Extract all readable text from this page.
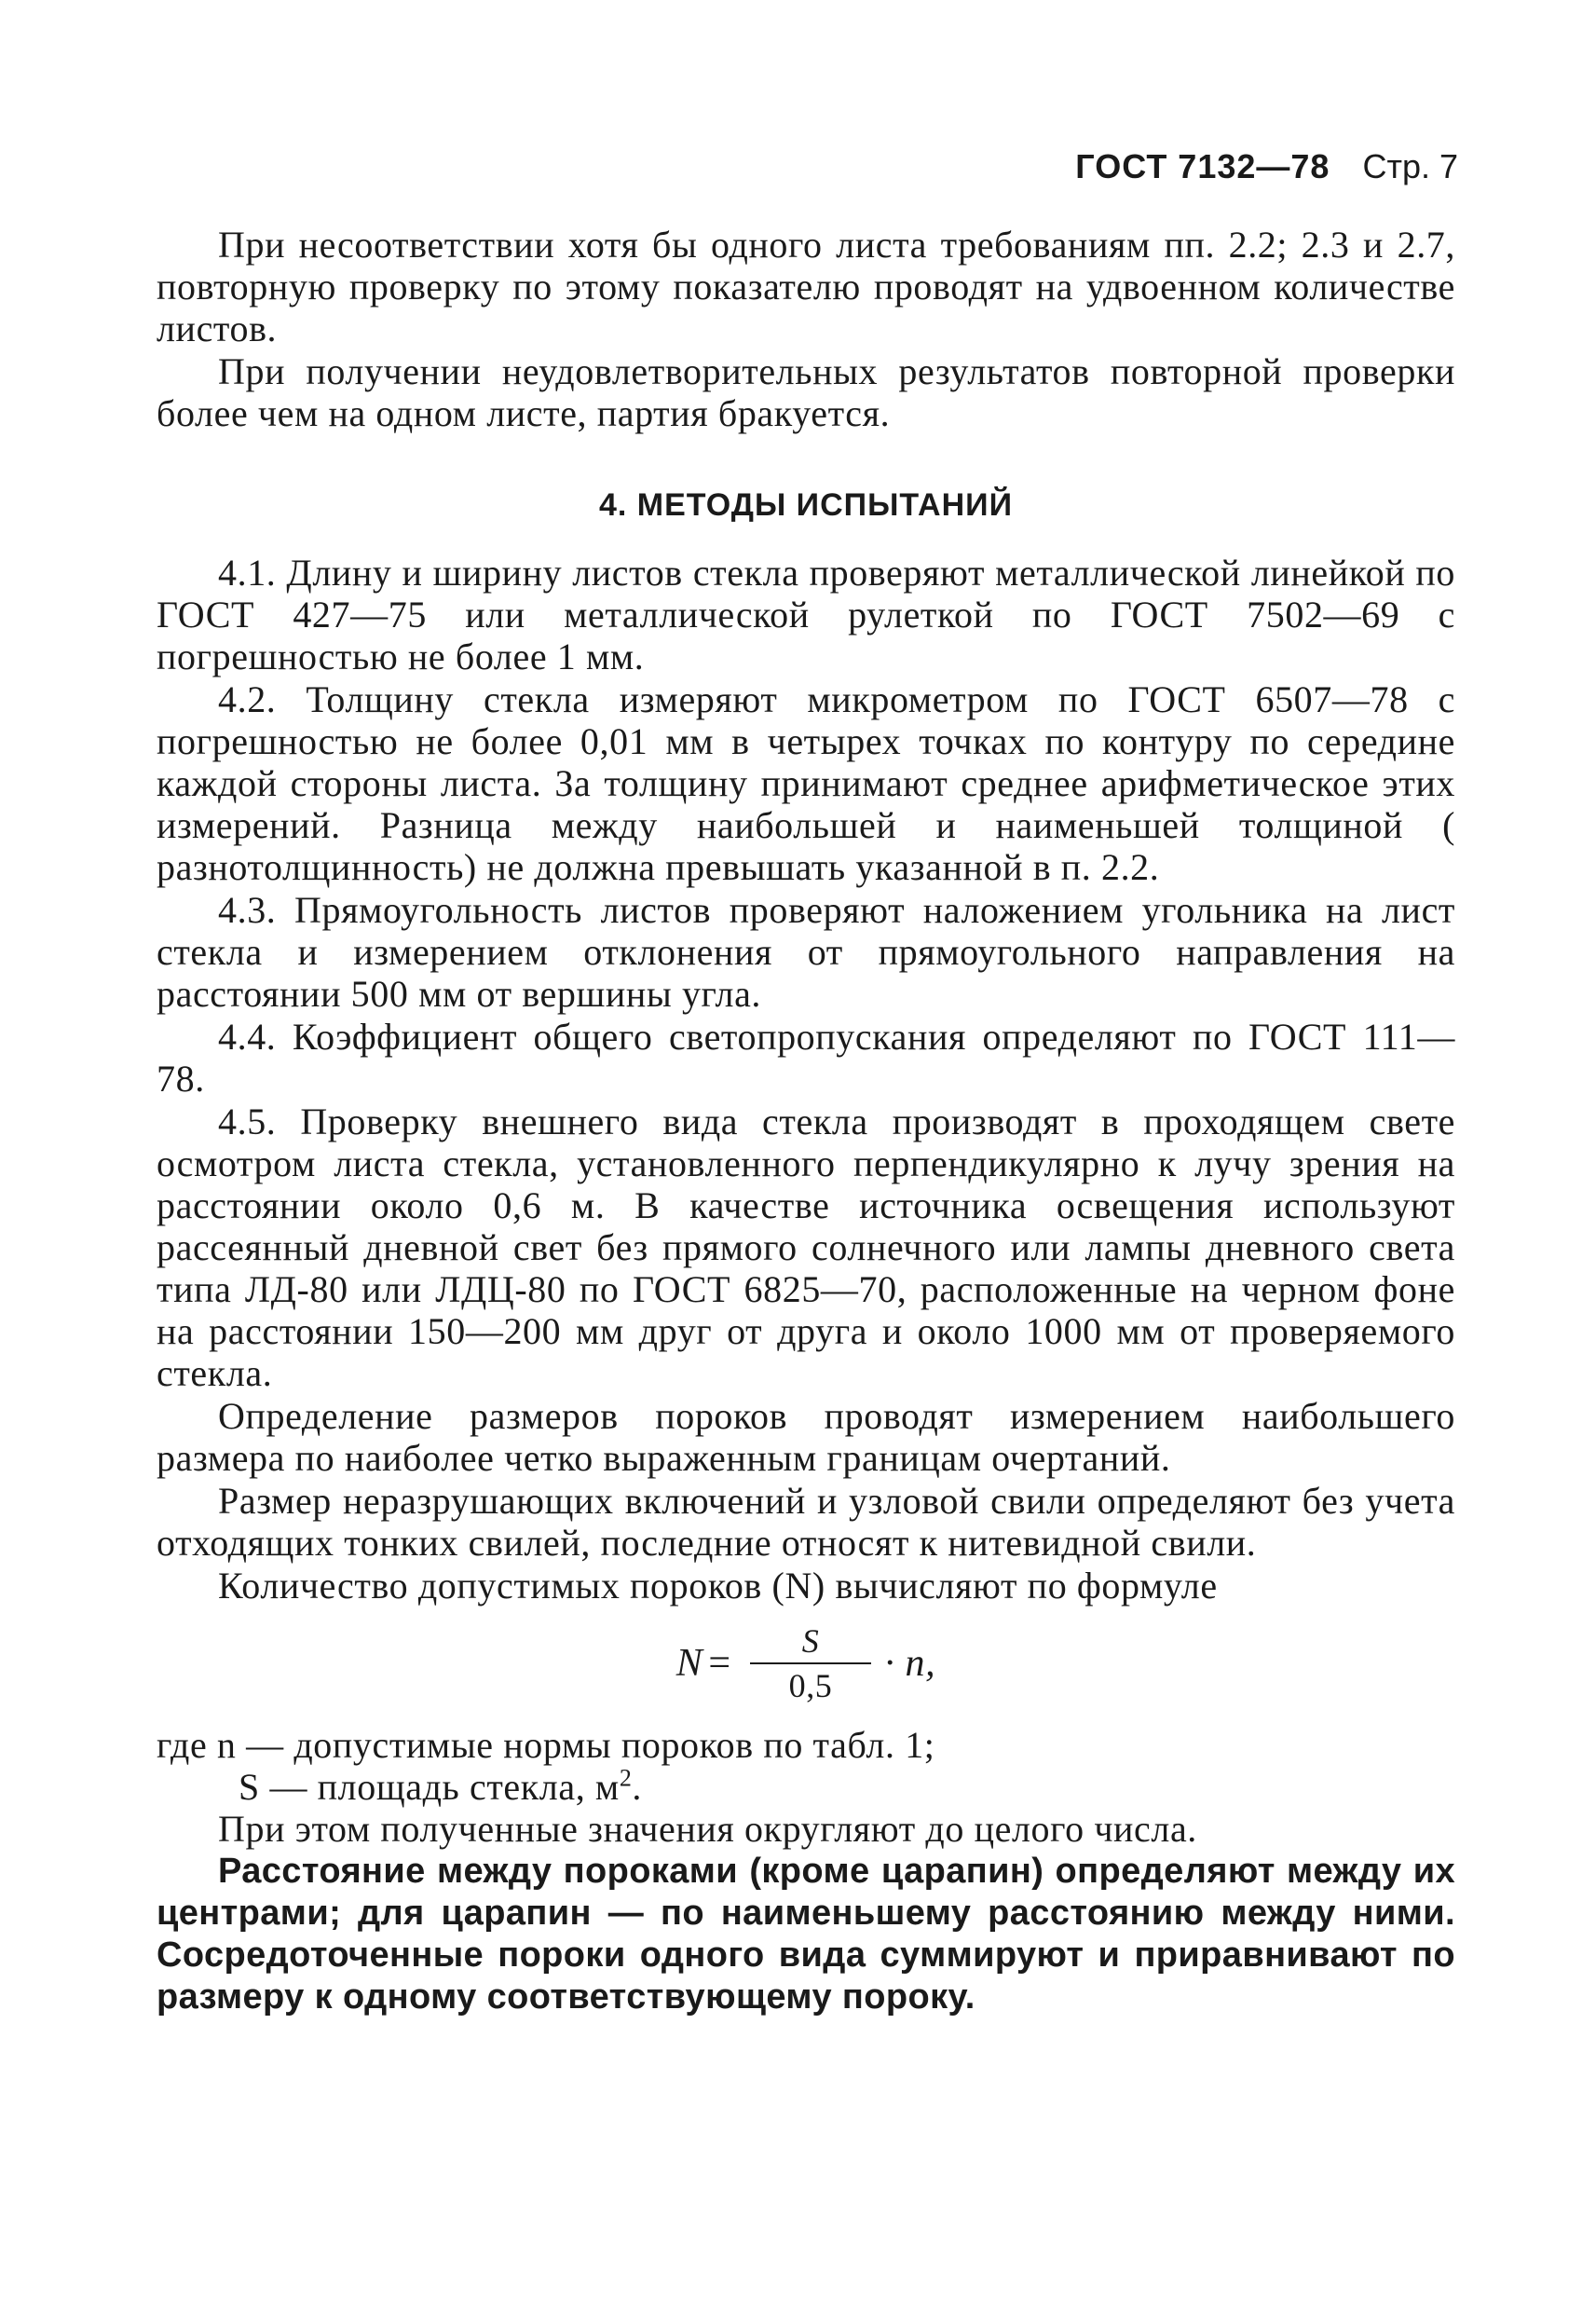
ГОСТ 7132—78 Стр. 7

При несоответствии хотя бы одного листа требованиям пп. 2.2; 2.3 и 2.7, повторную проверку по этому показателю проводят на удвоенном количестве листов.

При получении неудовлетворительных результатов повторной проверки более чем на одном листе, партия бракуется.

4. МЕТОДЫ ИСПЫТАНИЙ

4.1. Длину и ширину листов стекла проверяют металлической линейкой по ГОСТ 427—75 или металлической рулеткой по ГОСТ 7502—69 с погрешностью не более 1 мм.

4.2. Толщину стекла измеряют микрометром по ГОСТ 6507—78 с погрешностью не более 0,01 мм в четырех точках по контуру по середине каждой стороны листа. За толщину принимают среднее арифметическое этих измерений. Разница между наибольшей и наименьшей толщиной ( разнотолщинность) не должна превышать указанной в п. 2.2.

4.3. Прямоугольность листов проверяют наложением угольника на лист стекла и измерением отклонения от прямоугольного направления на расстоянии 500 мм от вершины угла.

4.4. Коэффициент общего светопропускания определяют по ГОСТ 111—78.

4.5. Проверку внешнего вида стекла производят в проходящем свете осмотром листа стекла, установленного перпендикулярно к лучу зрения на расстоянии около 0,6 м. В качестве источника освещения используют рассеянный дневной свет без прямого солнечного или лампы дневного света типа ЛД-80 или ЛДЦ-80 по ГОСТ 6825—70, расположенные на черном фоне на расстоянии 150—200 мм друг от друга и около 1000 мм от проверяемого стекла.

Определение размеров пороков проводят измерением наибольшего размера по наиболее четко выраженным границам очертаний.

Размер неразрушающих включений и узловой свили определяют без учета отходящих тонких свилей, последние относят к нитевидной свили.

Количество допустимых пороков (N) вычисляют по формуле

$N = \frac{S}{0,5} \cdot n$,
где n — допустимые нормы пороков по табл. 1;
S — площадь стекла, $м^2$.

При этом полученные значения округляют до целого числа.

Расстояние между пороками (кроме царапин) определяют между их центрами; для царапин — по наименьшему расстоянию между ними. Сосредоточенные пороки одного вида суммируют и приравнивают по размеру к одному соответствующему пороку.
